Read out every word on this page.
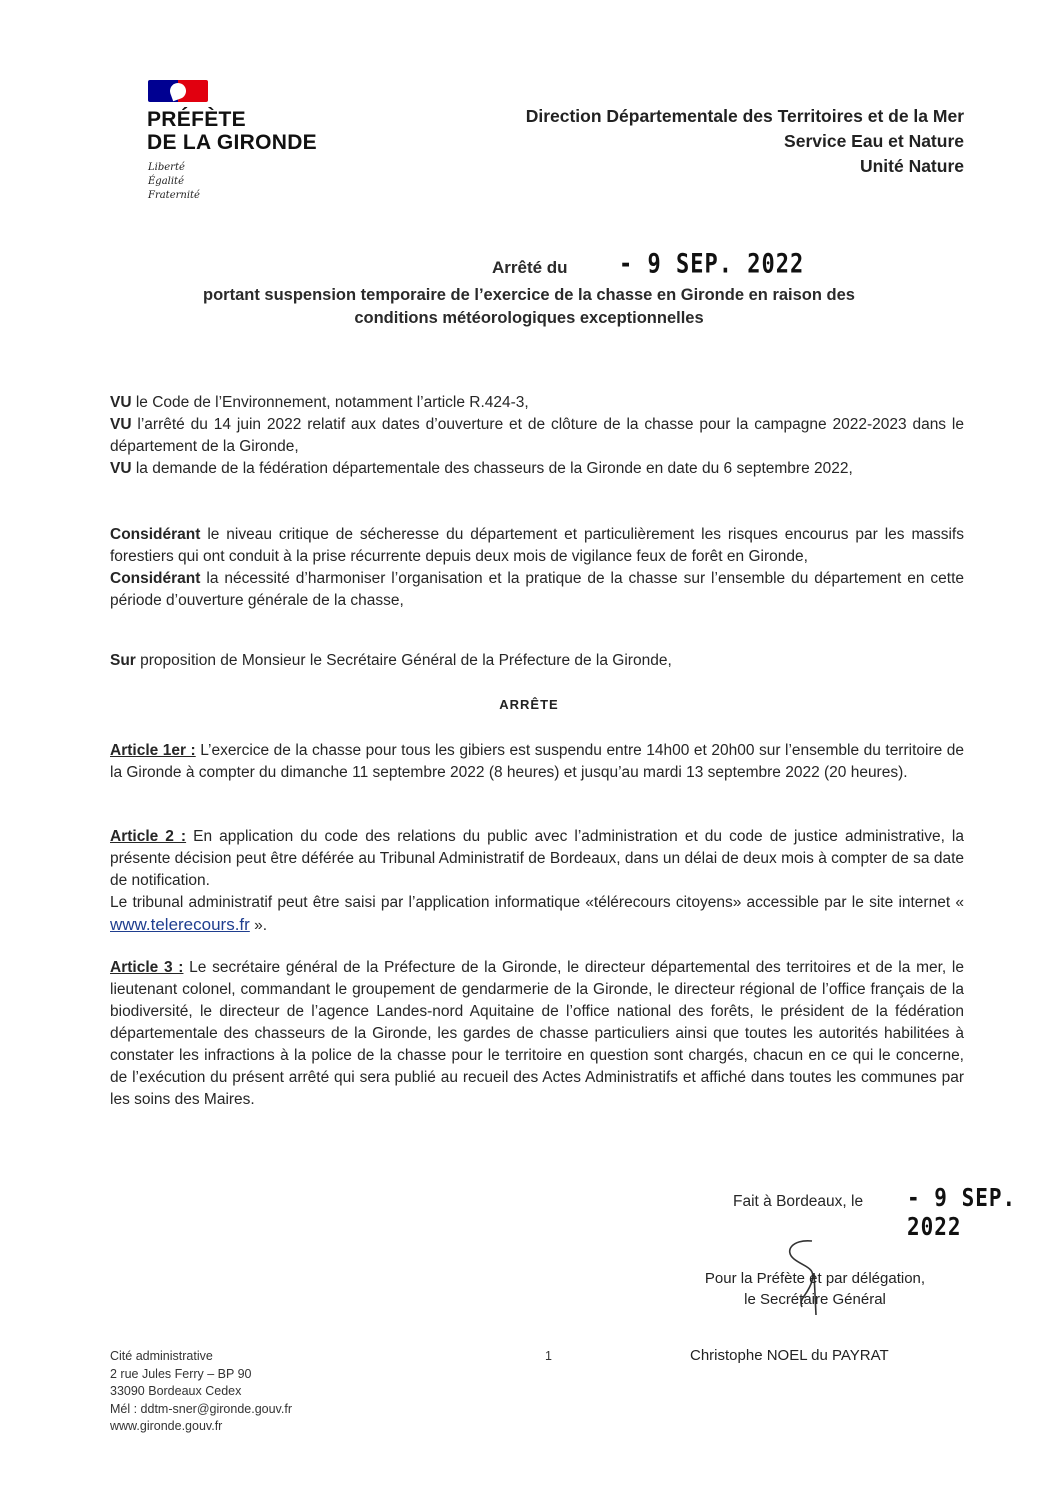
PRÉFÈTE
DE LA GIRONDE
Liberté
Égalité
Fraternité
Direction Départementale des Territoires et de la Mer
Service Eau et Nature
Unité Nature
Arrêté du - 9 SEP. 2022
portant suspension temporaire de l’exercice de la chasse en Gironde en raison des
conditions météorologiques exceptionnelles

VU le Code de l’Environnement, notamment l’article R.424-3,

VU l’arrêté du 14 juin 2022 relatif aux dates d’ouverture et de clôture de la chasse pour la campagne 2022-2023 dans le département de la Gironde,

VU la demande de la fédération départementale des chasseurs de la Gironde en date du 6 septembre 2022,

Considérant le niveau critique de sécheresse du département et particulièrement les risques encourus par les massifs forestiers qui ont conduit à la prise récurrente depuis deux mois de vigilance feux de forêt en Gironde,

Considérant la nécessité d’harmoniser l’organisation et la pratique de la chasse sur l’ensemble du département en cette période d’ouverture générale de la chasse,

Sur proposition de Monsieur le Secrétaire Général de la Préfecture de la Gironde,

ARRÊTE

Article 1er : L’exercice de la chasse pour tous les gibiers est suspendu entre 14h00 et 20h00 sur l’ensemble du territoire de la Gironde à compter du dimanche 11 septembre 2022 (8 heures) et jusqu’au mardi 13 septembre 2022 (20 heures).

Article 2 : En application du code des relations du public avec l’administration et du code de justice administrative, la présente décision peut être déférée au Tribunal Administratif de Bordeaux, dans un délai de deux mois à compter de sa date de notification.

Le tribunal administratif peut être saisi par l’application informatique «télérecours citoyens» accessible par le site internet « www.telerecours.fr ».

Article 3 : Le secrétaire général de la Préfecture de la Gironde, le directeur départemental des territoires et de la mer, le lieutenant colonel, commandant le groupement de gendarmerie de la Gironde, le directeur régional de l’office français de la biodiversité, le directeur de l’agence Landes-nord Aquitaine de l’office national des forêts, le président de la fédération départementale des chasseurs de la Gironde, les gardes de chasse particuliers ainsi que toutes les autorités habilitées à constater les infractions à la police de la chasse pour le territoire en question sont chargés, chacun en ce qui le concerne, de l’exécution du présent arrêté qui sera publié au recueil des Actes Administratifs et affiché dans toutes les communes par les soins des Maires.

Fait à Bordeaux, le - 9 SEP. 2022
Pour la Préfète et par délégation,
le Secrétaire Général
Christophe NOEL du PAYRAT
Cité administrative
2 rue Jules Ferry – BP 90
33090 Bordeaux Cedex
Mél : ddtm-sner@gironde.gouv.fr
www.gironde.gouv.fr
1
